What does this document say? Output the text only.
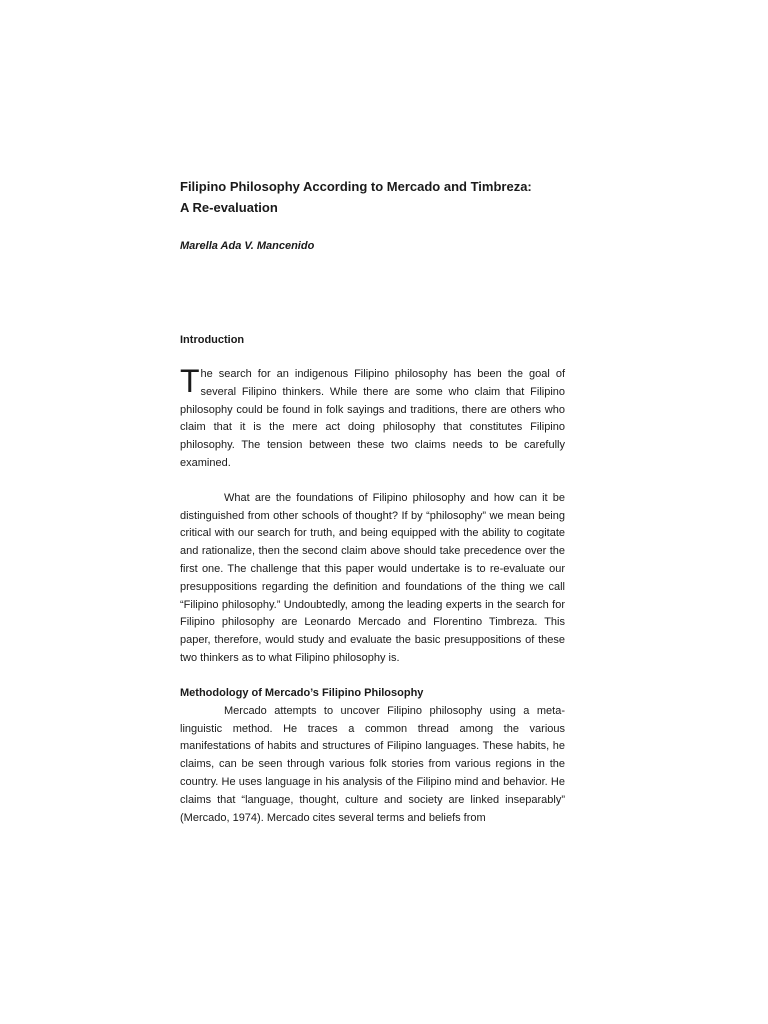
Filipino Philosophy According to Mercado and Timbreza:
A Re-evaluation

Marella Ada V. Mancenido

Introduction

The search for an indigenous Filipino philosophy has been the goal of several Filipino thinkers. While there are some who claim that Filipino philosophy could be found in folk sayings and traditions, there are others who claim that it is the mere act doing philosophy that constitutes Filipino philosophy. The tension between these two claims needs to be carefully examined.

What are the foundations of Filipino philosophy and how can it be distinguished from other schools of thought? If by “philosophy” we mean being critical with our search for truth, and being equipped with the ability to cogitate and rationalize, then the second claim above should take precedence over the first one. The challenge that this paper would undertake is to re-evaluate our presuppositions regarding the definition and foundations of the thing we call “Filipino philosophy.” Undoubtedly, among the leading experts in the search for Filipino philosophy are Leonardo Mercado and Florentino Timbreza. This paper, therefore, would study and evaluate the basic presuppositions of these two thinkers as to what Filipino philosophy is.

Methodology of Mercado’s Filipino Philosophy

Mercado attempts to uncover Filipino philosophy using a meta-linguistic method. He traces a common thread among the various manifestations of habits and structures of Filipino languages. These habits, he claims, can be seen through various folk stories from various regions in the country. He uses language in his analysis of the Filipino mind and behavior. He claims that “language, thought, culture and society are linked inseparably” (Mercado, 1974). Mercado cites several terms and beliefs from
